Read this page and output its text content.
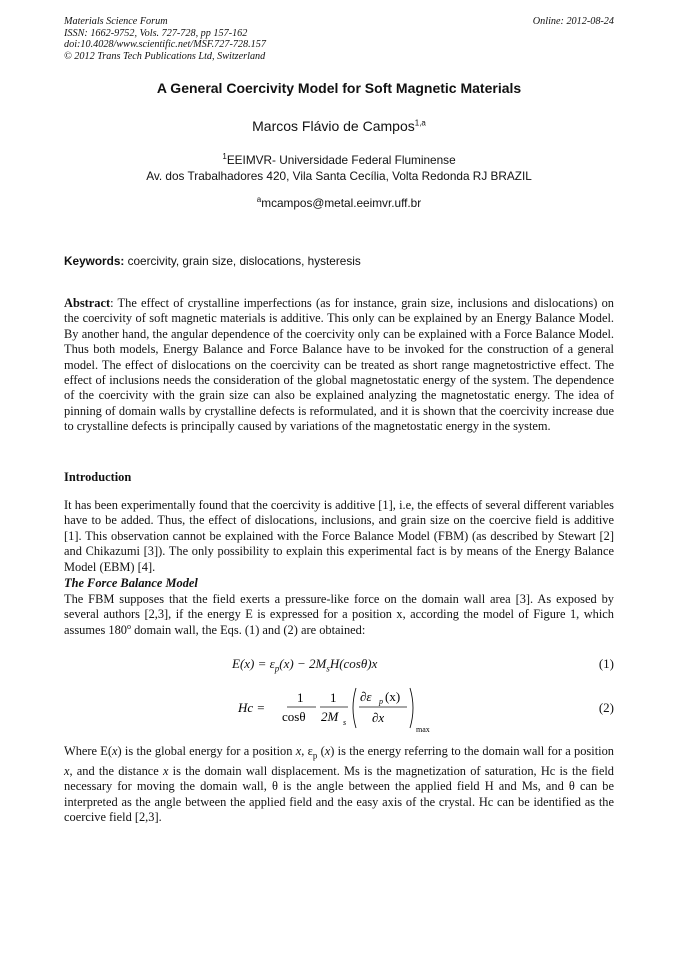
Materials Science Forum
ISSN: 1662-9752, Vols. 727-728, pp 157-162
doi:10.4028/www.scientific.net/MSF.727-728.157
© 2012 Trans Tech Publications Ltd, Switzerland
Online: 2012-08-24
A General Coercivity Model for Soft Magnetic Materials
Marcos Flávio de Campos$^{1,a}$
$^1$EEIMVR- Universidade Federal Fluminense
Av. dos Trabalhadores 420, Vila Santa Cecília, Volta Redonda RJ BRAZIL
$^a$mcampos@metal.eeimvr.uff.br
Keywords: coercivity, grain size, dislocations, hysteresis
Abstract: The effect of crystalline imperfections (as for instance, grain size, inclusions and dislocations) on the coercivity of soft magnetic materials is additive. This only can be explained by an Energy Balance Model. By another hand, the angular dependence of the coercivity only can be explained with a Force Balance Model. Thus both models, Energy Balance and Force Balance have to be invoked for the construction of a general model. The effect of dislocations on the coercivity can be treated as short range magnetostrictive effect. The effect of inclusions needs the consideration of the global magnetostatic energy of the system. The dependence of the coercivity with the grain size can also be explained analyzing the magnetostatic energy. The idea of pinning of domain walls by crystalline defects is reformulated, and it is shown that the coercivity increase due to crystalline defects is principally caused by variations of the magnetostatic energy in the system.
Introduction
It has been experimentally found that the coercivity is additive [1], i.e, the effects of several different variables have to be added. Thus, the effect of dislocations, inclusions, and grain size on the coercive field is additive [1]. This observation cannot be explained with the Force Balance Model (FBM) (as described by Stewart [2] and Chikazumi [3]). The only possibility to explain this experimental fact is by means of the Energy Balance Model (EBM) [4].
The Force Balance Model
The FBM supposes that the field exerts a pressure-like force on the domain wall area [3]. As exposed by several authors [2,3], if the energy E is expressed for a position x, according the model of Figure 1, which assumes 180$^o$ domain wall, the Eqs. (1) and (2) are obtained:
$E(x) = \varepsilon_p(x) - 2M_sH(\cos\theta)x$	(1)
Hc =
1
cosθ
1
2M s
∂ε p (x)
∂x
max
(2)
Where E(x) is the global energy for a position x, $\varepsilon_p$ (x) is the energy referring to the domain wall for a position x, and the distance x is the domain wall displacement. Ms is the magnetization of saturation, Hc is the field necessary for moving the domain wall, θ is the angle between the applied field H and Ms, and θ can be interpreted as the angle between the applied field and the easy axis of the crystal. Hc can be identified as the coercive field [2,3].
